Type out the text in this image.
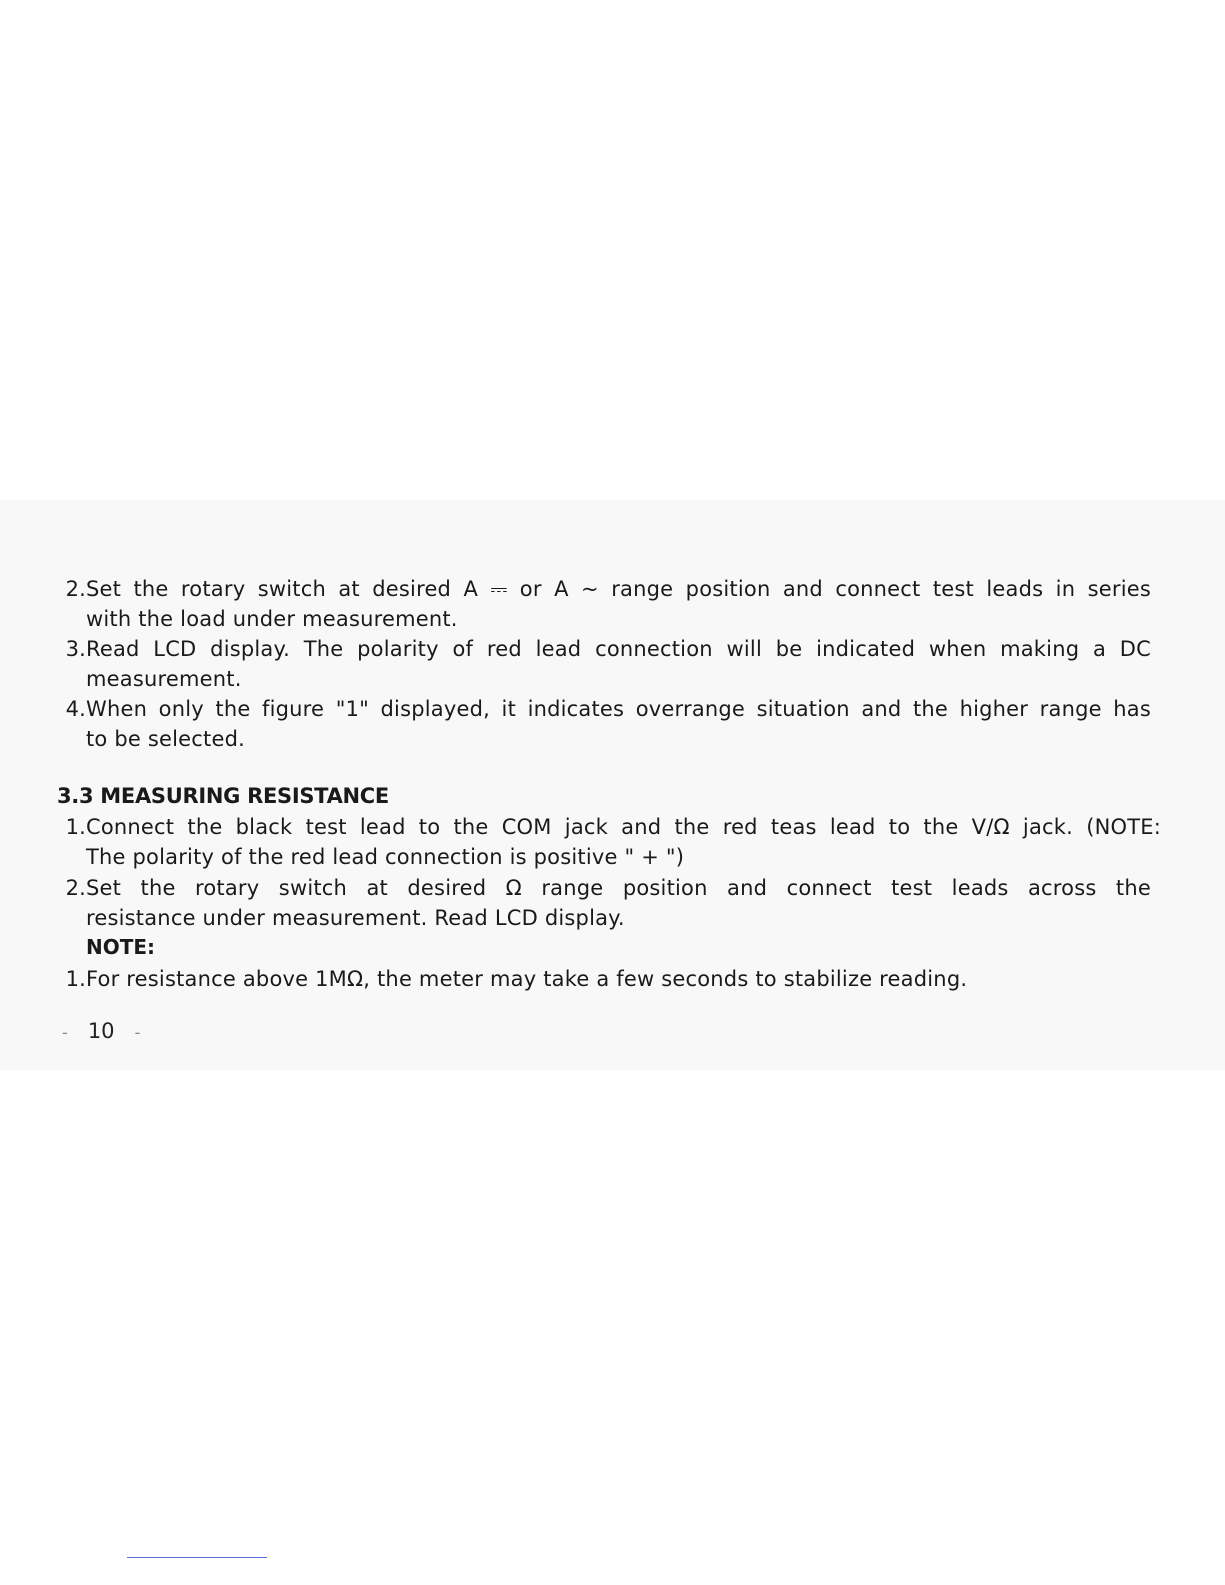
2. Set the rotary switch at desired A ⎓ or A ~ range position and connect test leads in series
with the load under measurement.
3. Read LCD display. The polarity of red lead connection will be indicated when making a DC
measurement.
4. When only the figure "1" displayed, it indicates overrange situation and the higher range has
to be selected.
3.3 MEASURING RESISTANCE
1. Connect the black test lead to the COM jack and the red teas lead to the V/Ω jack. (NOTE:
The polarity of the red lead connection is positive " + ")
2. Set the rotary switch at desired Ω range position and connect test leads across the
resistance under measurement. Read LCD display.
NOTE:
1. For resistance above 1MΩ, the meter may take a few seconds to stabilize reading.
- 10 -
